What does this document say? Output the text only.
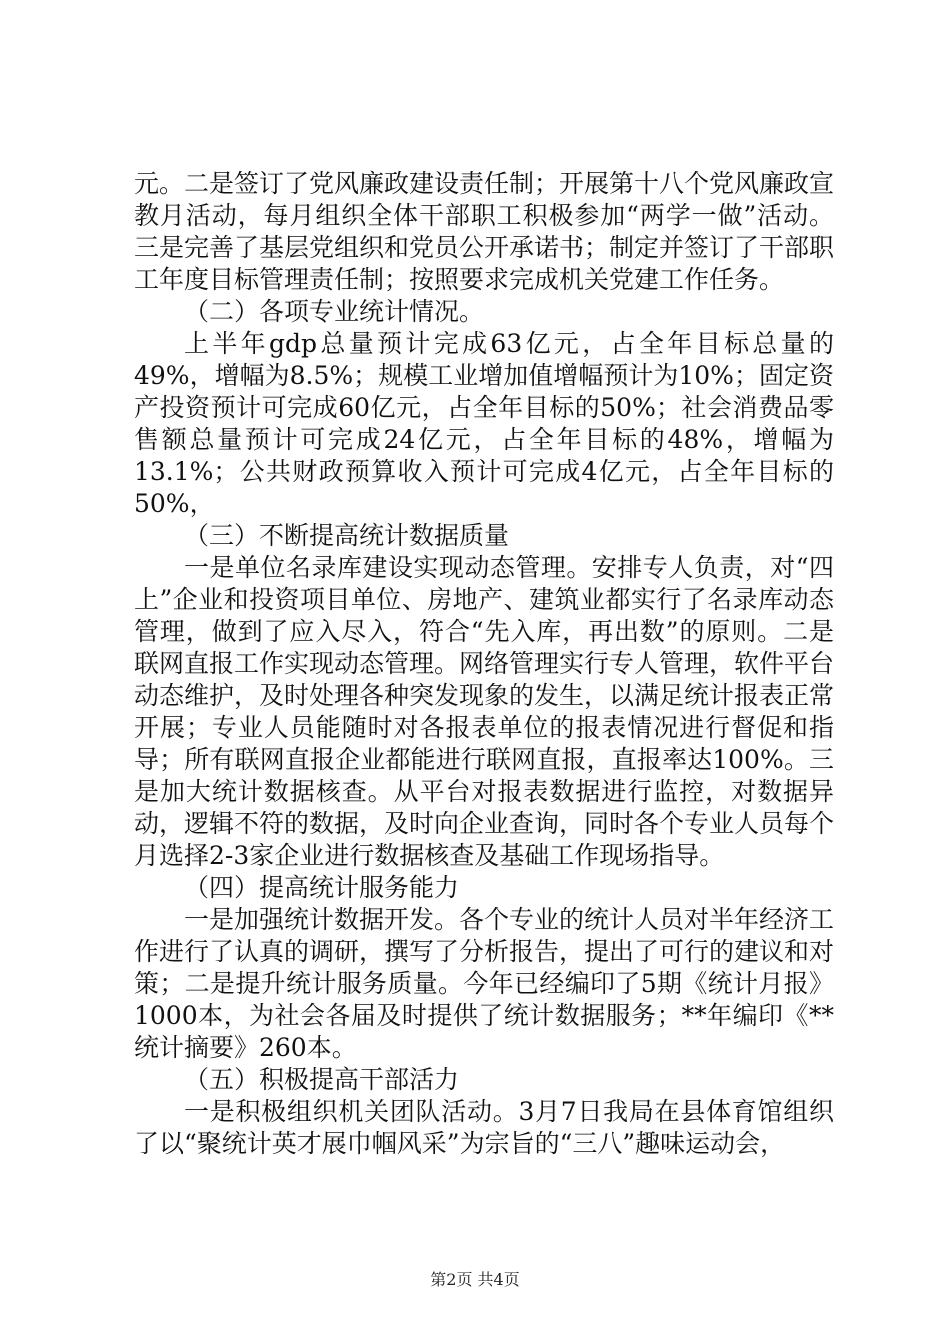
元。二是签订了党风廉政建设责任制；开展第十八个党风廉政宣教月活动，每月组织全体干部职工积极参加“两学一做”活动。三是完善了基层党组织和党员公开承诺书；制定并签订了干部职工年度目标管理责任制；按照要求完成机关党建工作任务。

（二）各项专业统计情况。

上半年gdp总量预计完成63亿元，占全年目标总量的49%，增幅为8.5%；规模工业增加值增幅预计为10%；固定资产投资预计可完成60亿元，占全年目标的50%；社会消费品零售额总量预计可完成24亿元，占全年目标的48%，增幅为13.1%；公共财政预算收入预计可完成4亿元，占全年目标的50%，

（三）不断提高统计数据质量

一是单位名录库建设实现动态管理。安排专人负责，对“四上”企业和投资项目单位、房地产、建筑业都实行了名录库动态管理，做到了应入尽入，符合“先入库，再出数”的原则。二是联网直报工作实现动态管理。网络管理实行专人管理，软件平台动态维护，及时处理各种突发现象的发生，以满足统计报表正常开展；专业人员能随时对各报表单位的报表情况进行督促和指导；所有联网直报企业都能进行联网直报，直报率达100%。三是加大统计数据核查。从平台对报表数据进行监控，对数据异动，逻辑不符的数据，及时向企业查询，同时各个专业人员每个月选择2-3家企业进行数据核查及基础工作现场指导。

（四）提高统计服务能力

一是加强统计数据开发。各个专业的统计人员对半年经济工作进行了认真的调研，撰写了分析报告，提出了可行的建议和对策；二是提升统计服务质量。今年已经编印了5期《统计月报》1000本，为社会各届及时提供了统计数据服务；**年编印《**统计摘要》260本。

（五）积极提高干部活力

一是积极组织机关团队活动。3月7日我局在县体育馆组织了以“聚统计英才展巾帼风采”为宗旨的“三八”趣味运动会，

第2页 共4页
